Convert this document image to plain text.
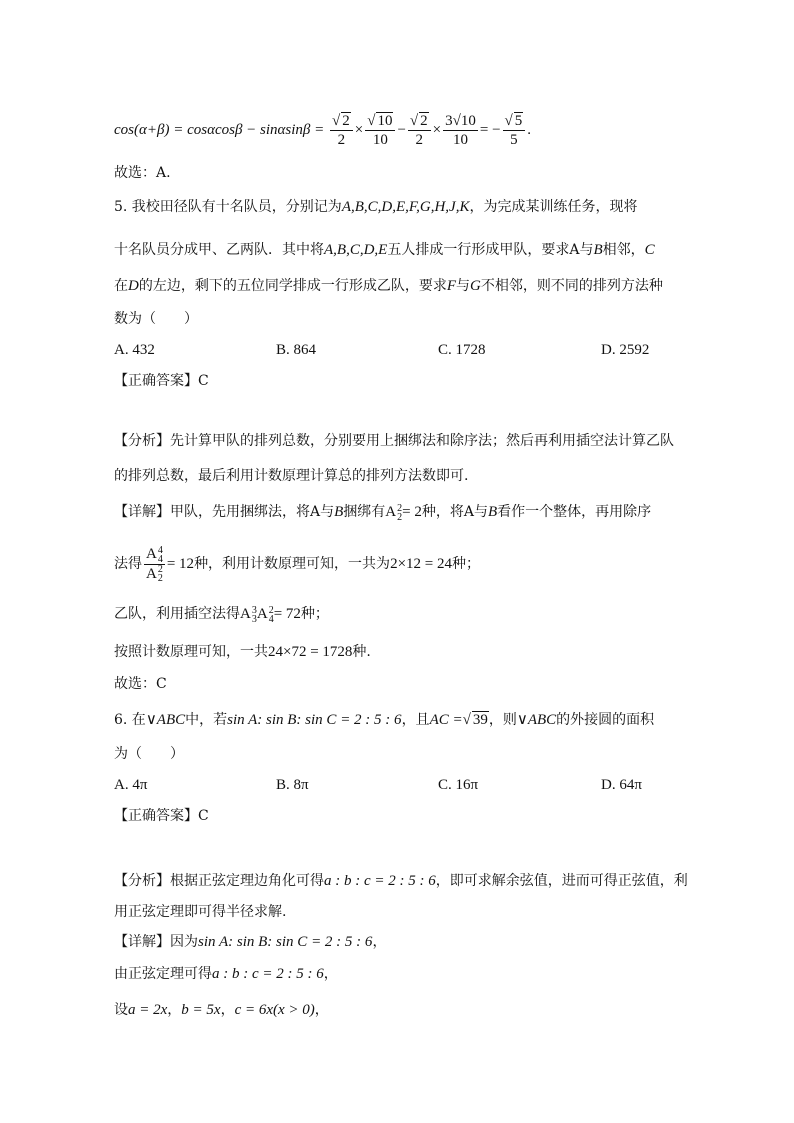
$\cos(\alpha+\beta) = \cos\alpha\cos\beta - \sin\alpha\sin\beta = \frac{√ 2}{2} \times \frac{√ 10}{10} - \frac{√ 2}{2} \times \frac{3√10}{10}$ = − $\frac{√ 5}{5}$ .
故选：A.
5. 我校田径队有十名队员，分别记为A,B,C,D,E,F,G,H,J,K，为完成某训练任务，现将
十名队员分成甲、乙两队．其中将A,B,C,D,E五人排成一行形成甲队，要求A与B相邻，C
在D的左边，剩下的五位同学排成一行形成乙队，要求F与G不相邻，则不同的排列方法种
数为（　　）
A. 432	B. 864	C. 1728	D. 2592
【正确答案】C
【分析】先计算甲队的排列总数，分别要用上捆绑法和除序法；然后再利用插空法计算乙队
的排列总数，最后利用计数原理计算总的排列方法数即可.
【详解】甲队，先用捆绑法，将A与B捆绑有A 2
2 = 2种，将A与B看作一个整体，再用除序
法得 A 4
4
A 2
2 = 12种，利用计数原理可知，一共为2×12 = 24种；
乙队，利用插空法得A 3
3 A 2
4 = 72种；
按照计数原理可知，一共24×72 = 1728种.
故选：C
6. 在∨ABC中，若sin A: sin B: sin C = 2 : 5 : 6，且AC =√ 39，则∨ABC的外接圆的面积
为（　　）
A. 4π	B. 8π	C. 16π	D. 64π
【正确答案】C
【分析】根据正弦定理边角化可得a : b : c = 2 : 5 : 6，即可求解余弦值，进而可得正弦值，利
用正弦定理即可得半径求解.
【详解】因为sin A: sin B: sin C = 2 : 5 : 6，
由正弦定理可得a : b : c = 2 : 5 : 6，
设a = 2x，b = 5x，c = 6x(x > 0)，
